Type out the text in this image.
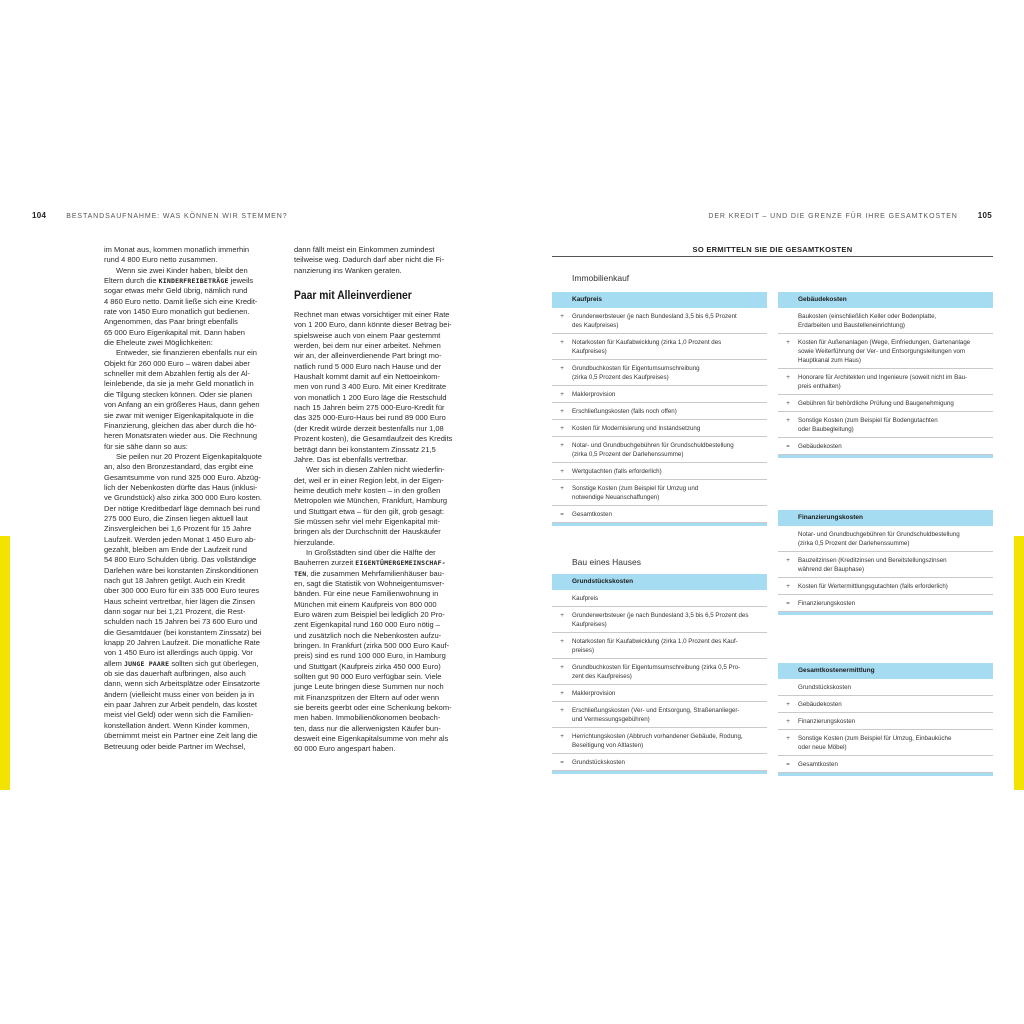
104	BESTANDSAUFNAHME: WAS KÖNNEN WIR STEMMEN?	DER KREDIT – UND DIE GRENZE FÜR IHRE GESAMTKOSTEN	105
im Monat aus, kommen monatlich immerhin
rund 4 800 Euro netto zusammen.
Wenn sie zwei Kinder haben, bleibt den
Eltern durch die KINDERFREIBETRÄGE jeweils
sogar etwas mehr Geld übrig, nämlich rund
4 860 Euro netto. Damit ließe sich eine Kredit-
rate von 1450 Euro monatlich gut bedienen.
Angenommen, das Paar bringt ebenfalls
65 000 Euro Eigenkapital mit. Dann haben
die Eheleute zwei Möglichkeiten:
Entweder, sie finanzieren ebenfalls nur ein
Objekt für 260 000 Euro – wären dabei aber
schneller mit dem Abzahlen fertig als der Al-
leinlebende, da sie ja mehr Geld monatlich in
die Tilgung stecken können. Oder sie planen
von Anfang an ein größeres Haus, dann gehen
sie zwar mit weniger Eigenkapitalquote in die
Finanzierung, gleichen das aber durch die hö-
heren Monatsraten wieder aus. Die Rechnung
für sie sähe dann so aus:
Sie peilen nur 20 Prozent Eigenkapitalquote
an, also den Bronzestandard, das ergibt eine
Gesamtsumme von rund 325 000 Euro. Abzüg-
lich der Nebenkosten dürfte das Haus (inklusi-
ve Grundstück) also zirka 300 000 Euro kosten.
Der nötige Kreditbedarf läge demnach bei rund
275 000 Euro, die Zinsen liegen aktuell laut
Zinsvergleichen bei 1,6 Prozent für 15 Jahre
Laufzeit. Werden jeden Monat 1 450 Euro ab-
gezahlt, bleiben am Ende der Laufzeit rund
54 800 Euro Schulden übrig. Das vollständige
Darlehen wäre bei konstanten Zinskonditionen
nach gut 18 Jahren getilgt. Auch ein Kredit
über 300 000 Euro für ein 335 000 Euro teures
Haus scheint vertretbar, hier lägen die Zinsen
dann sogar nur bei 1,21 Prozent, die Rest-
schulden nach 15 Jahren bei 73 600 Euro und
die Gesamtdauer (bei konstantem Zinssatz) bei
knapp 20 Jahren Laufzeit. Die monatliche Rate
von 1 450 Euro ist allerdings auch üppig. Vor
allem JUNGE PAARE sollten sich gut überlegen,
ob sie das dauerhaft aufbringen, also auch
dann, wenn sich Arbeitsplätze oder Einsatzorte
ändern (vielleicht muss einer von beiden ja in
ein paar Jahren zur Arbeit pendeln, das kostet
meist viel Geld) oder wenn sich die Familien-
konstellation ändert. Wenn Kinder kommen,
übernimmt meist ein Partner eine Zeit lang die
Betreuung oder beide Partner im Wechsel,
dann fällt meist ein Einkommen zumindest
teilweise weg. Dadurch darf aber nicht die Fi-
nanzierung ins Wanken geraten.
Paar mit Alleinverdiener
Rechnet man etwas vorsichtiger mit einer Rate
von 1 200 Euro, dann könnte dieser Betrag bei-
spielsweise auch von einem Paar gestemmt
werden, bei dem nur einer arbeitet. Nehmen
wir an, der alleinverdienende Part bringt mo-
natlich rund 5 000 Euro nach Hause und der
Haushalt kommt damit auf ein Nettoeinkom-
men von rund 3 400 Euro. Mit einer Kreditrate
von monatlich 1 200 Euro läge die Restschuld
nach 15 Jahren beim 275 000-Euro-Kredit für
das 325 000-Euro-Haus bei rund 89 000 Euro
(der Kredit würde derzeit bestenfalls nur 1,08
Prozent kosten), die Gesamtlaufzeit des Kredits
beträgt dann bei konstantem Zinssatz 21,5
Jahre. Das ist ebenfalls vertretbar.
Wer sich in diesen Zahlen nicht wiederfin-
det, weil er in einer Region lebt, in der Eigen-
heime deutlich mehr kosten – in den großen
Metropolen wie München, Frankfurt, Hamburg
und Stuttgart etwa – für den gilt, grob gesagt:
Sie müssen sehr viel mehr Eigenkapital mit-
bringen als der Durchschnitt der Hauskäufer
hierzulande.
In Großstädten sind über die Hälfte der
Bauherren zurzeit EIGENTÜMERGEMEINSCHAF-
TEN, die zusammen Mehrfamilienhäuser bau-
en, sagt die Statistik von Wohneigentumsver-
bänden. Für eine neue Familienwohnung in
München mit einem Kaufpreis von 800 000
Euro wären zum Beispiel bei lediglich 20 Pro-
zent Eigenkapital rund 160 000 Euro nötig –
und zusätzlich noch die Nebenkosten aufzu-
bringen. In Frankfurt (zirka 500 000 Euro Kauf-
preis) sind es rund 100 000 Euro, in Hamburg
und Stuttgart (Kaufpreis zirka 450 000 Euro)
sollten gut 90 000 Euro verfügbar sein. Viele
junge Leute bringen diese Summen nur noch
mit Finanzspritzen der Eltern auf oder wenn
sie bereits geerbt oder eine Schenkung bekom-
men haben. Immobilienökonomen beobach-
ten, dass nur die allerwenigsten Käufer bun-
desweit eine Eigenkapitalsumme von mehr als
60 000 Euro angespart haben.
SO ERMITTELN SIE DIE GESAMTKOSTEN
Immobilienkauf
Bau eines Hauses
Kaufpreis
+	Grunderwerbsteuer (je nach Bundesland 3,5 bis 6,5 Prozent
des Kaufpreises)
+	Notarkosten für Kaufabwicklung (zirka 1,0 Prozent des
Kaufpreises)
+	Grundbuchkosten für Eigentumsumschreibung
(zirka 0,5 Prozent des Kaufpreises)
+	Maklerprovision
+	Erschließungskosten (falls noch offen)
+	Kosten für Modernisierung und Instandsetzung
+	Notar- und Grundbuchgebühren für Grundschuldbestellung
(zirka 0,5 Prozent der Darlehenssumme)
+	Wertgutachten (falls erforderlich)
+	Sonstige Kosten (zum Beispiel für Umzug und
notwendige Neuanschaffungen)
=	Gesamtkosten
Grundstückskosten
Kaufpreis
+	Grunderwerbsteuer (je nach Bundesland 3,5 bis 6,5 Prozent des
Kaufpreises)
+	Notarkosten für Kaufabwicklung (zirka 1,0 Prozent des Kauf-
preises)
+	Grundbuchkosten für Eigentumsumschreibung (zirka 0,5 Pro-
zent des Kaufpreises)
+	Maklerprovision
+	Erschließungskosten (Ver- und Entsorgung, Straßenanlieger-
und Vermessungsgebühren)
+	Herrichtungskosten (Abbruch vorhandener Gebäude, Rodung,
Beseitigung von Altlasten)
=	Grundstückskosten
Gebäudekosten
Baukosten (einschließlich Keller oder Bodenplatte,
Erdarbeiten und Baustelleneinrichtung)
+	Kosten für Außenanlagen (Wege, Einfriedungen, Gartenanlage
sowie Weiterführung der Ver- und Entsorgungsleitungen vom
Hauptkanal zum Haus)
+	Honorare für Architekten und Ingenieure (soweit nicht im Bau-
preis enthalten)
+	Gebühren für behördliche Prüfung und Baugenehmigung
+	Sonstige Kosten (zum Beispiel für Bodengutachten
oder Baubegleitung)
=	Gebäudekosten
Finanzierungskosten
Notar- und Grundbuchgebühren für Grundschuldbestellung
(zirka 0,5 Prozent der Darlehenssumme)
+	Bauzeitzinsen (Kreditzinsen und Bereitstellungszinsen
während der Bauphase)
+	Kosten für Wertermittlungsgutachten (falls erforderlich)
=	Finanzierungskosten
Gesamtkostenermittlung
Grundstückskosten
+	Gebäudekosten
+	Finanzierungskosten
+	Sonstige Kosten (zum Beispiel für Umzug, Einbauküche
oder neue Möbel)
=	Gesamtkosten
